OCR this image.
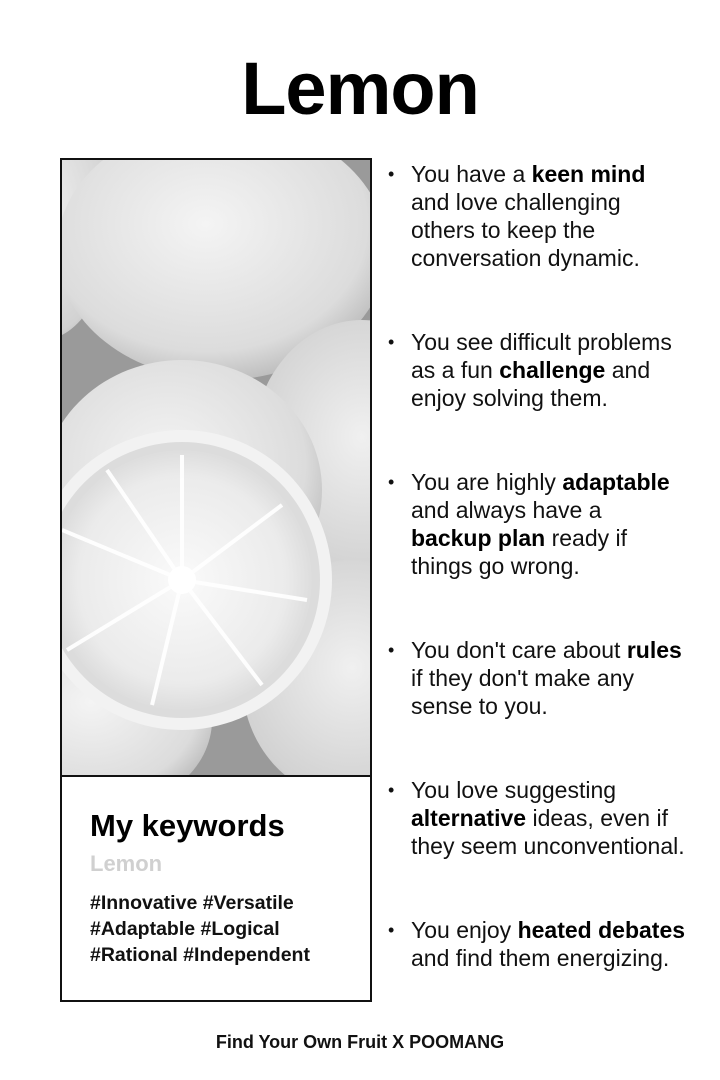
Lemon
My keywords
Lemon
#Innovative #Versatile
#Adaptable #Logical
#Rational #Independent
• You have a keen mind and love challenging others to keep the conversation dynamic.
• You see difficult problems as a fun challenge and enjoy solving them.
• You are highly adaptable and always have a backup plan ready if things go wrong.
• You don't care about rules if they don't make any sense to you.
• You love suggesting alternative ideas, even if they seem unconventional.
• You enjoy heated debates and find them energizing.
Find Your Own Fruit X POOMANG
